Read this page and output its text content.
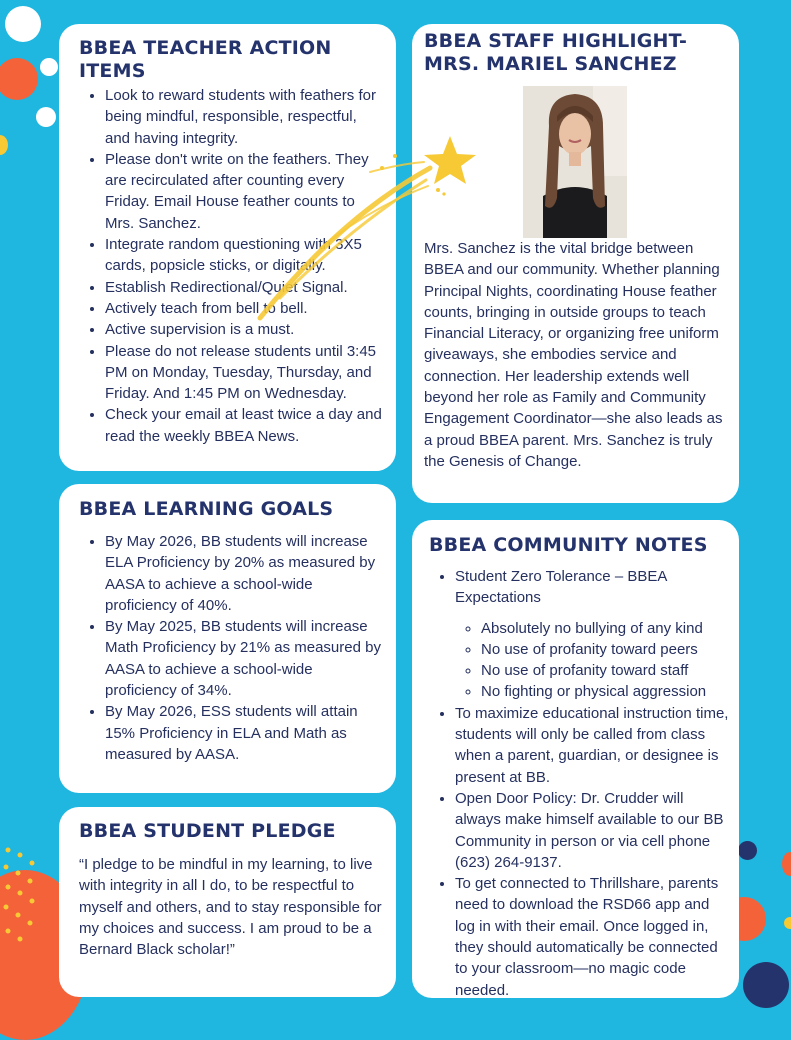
BBEA TEACHER ACTION ITEMS
• Look to reward students with feathers for being mindful, responsible, respectful, and having integrity.
• Please don't write on the feathers. They are recirculated after counting every Friday. Email House feather counts to Mrs. Sanchez.
• Integrate random questioning with 3X5 cards, popsicle sticks, or digitally.
• Establish Redirectional/Quiet Signal.
• Actively teach from bell to bell.
• Active supervision is a must.
• Please do not release students until 3:45 PM on Monday, Tuesday, Thursday, and Friday. And 1:45 PM on Wednesday.
• Check your email at least twice a day and read the weekly BBEA News.
BBEA STAFF HIGHLIGHT-
MRS. MARIEL SANCHEZ

Mrs. Sanchez is the vital bridge between BBEA and our community. Whether planning Principal Nights, coordinating House feather counts, bringing in outside groups to teach Financial Literacy, or organizing free uniform giveaways, she embodies service and connection. Her leadership extends well beyond her role as Family and Community Engagement Coordinator—she also leads as a proud BBEA parent. Mrs. Sanchez is truly the Genesis of Change.

BBEA LEARNING GOALS
• By May 2026, BB students will increase ELA Proficiency by 20% as measured by AASA to achieve a school-wide proficiency of 40%.
• By May 2025, BB students will increase Math Proficiency by 21% as measured by AASA to achieve a school-wide proficiency of 34%.
• By May 2026, ESS students will attain 15% Proficiency in ELA and Math as measured by AASA.
BBEA STUDENT PLEDGE

“I pledge to be mindful in my learning, to live with integrity in all I do, to be respectful to myself and others, and to stay responsible for my choices and success. I am proud to be a Bernard Black scholar!”

BBEA COMMUNITY NOTES
• Student Zero Tolerance – BBEA Expectations
◦ Absolutely no bullying of any kind
◦ No use of profanity toward peers
◦ No use of profanity toward staff
◦ No fighting or physical aggression
• To maximize educational instruction time, students will only be called from class when a parent, guardian, or designee is present at BB.
• Open Door Policy: Dr. Crudder will always make himself available to our BB Community in person or via cell phone (623) 264-9137.
• To get connected to Thrillshare, parents need to download the RSD66 app and log in with their email. Once logged in, they should automatically be connected to your classroom—no magic code needed.
